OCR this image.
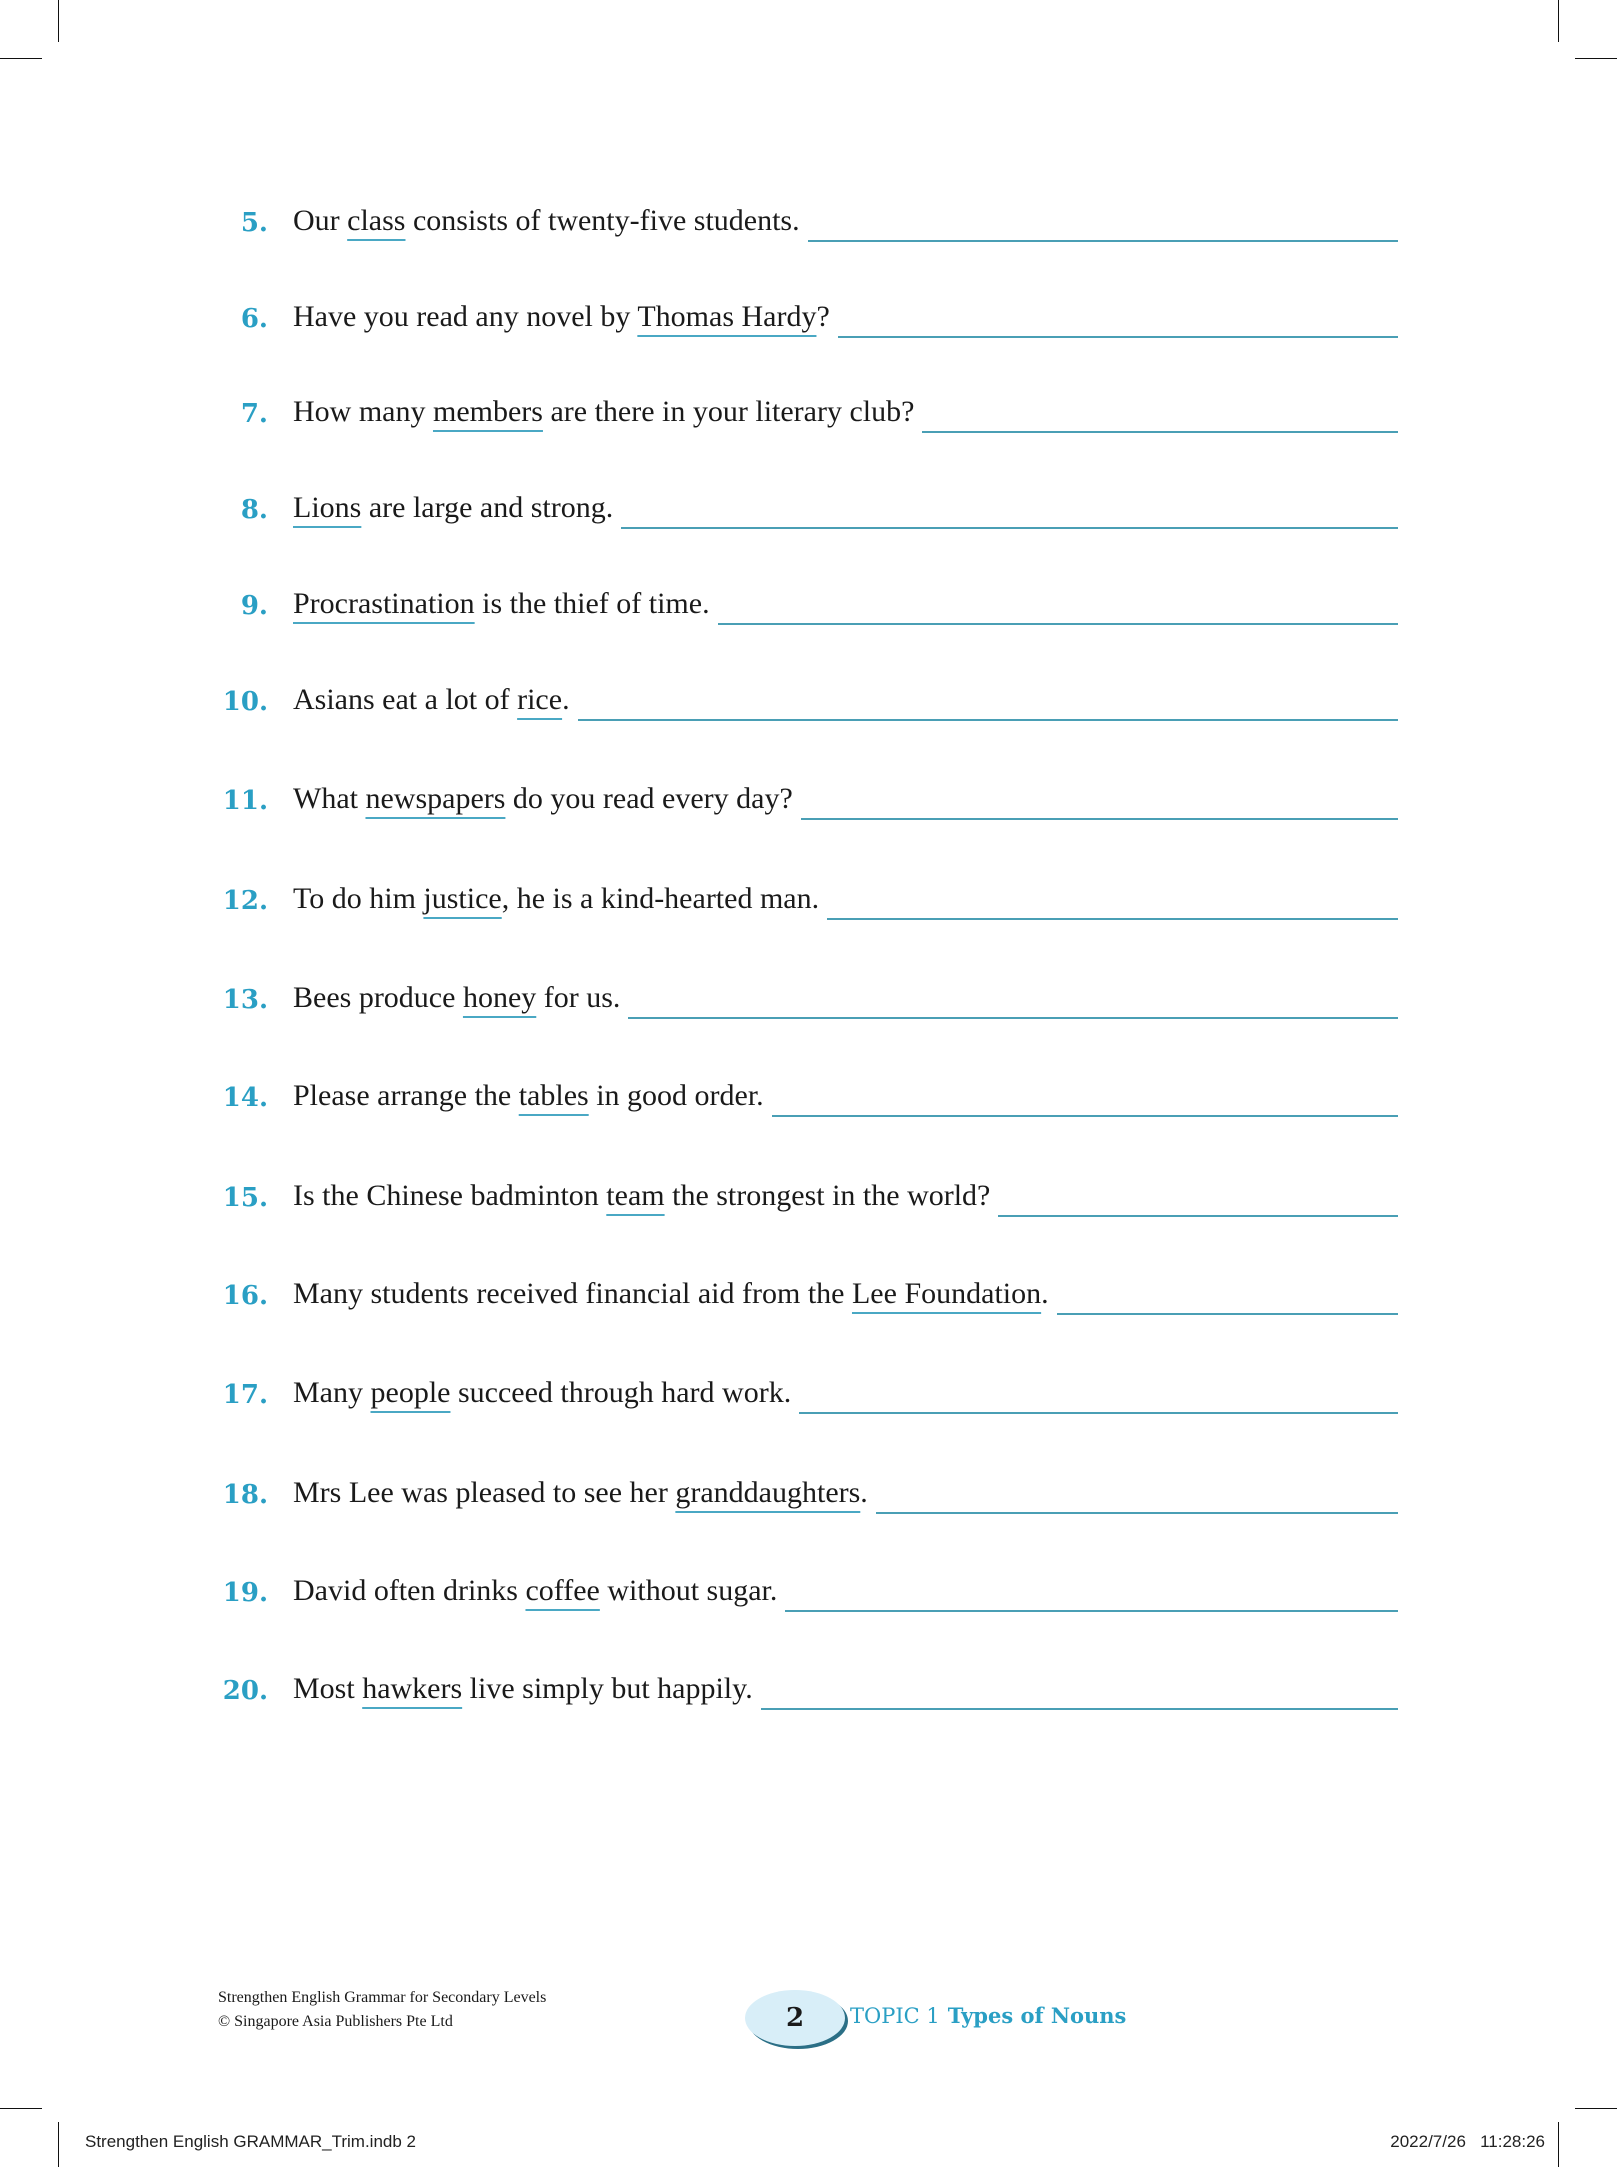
5. Our class consists of twenty-five students.
6. Have you read any novel by Thomas Hardy?
7. How many members are there in your literary club?
8. Lions are large and strong.
9. Procrastination is the thief of time.
10. Asians eat a lot of rice.
11. What newspapers do you read every day?
12. To do him justice, he is a kind-hearted man.
13. Bees produce honey for us.
14. Please arrange the tables in good order.
15. Is the Chinese badminton team the strongest in the world?
16. Many students received financial aid from the Lee Foundation.
17. Many people succeed through hard work.
18. Mrs Lee was pleased to see her granddaughters.
19. David often drinks coffee without sugar.
20. Most hawkers live simply but happily.
Strengthen English Grammar for Secondary Levels
© Singapore Asia Publishers Pte Ltd	2 TOPIC 1 Types of Nouns
Strengthen English GRAMMAR_Trim.indb 2	2022/7/26 11:28:26
